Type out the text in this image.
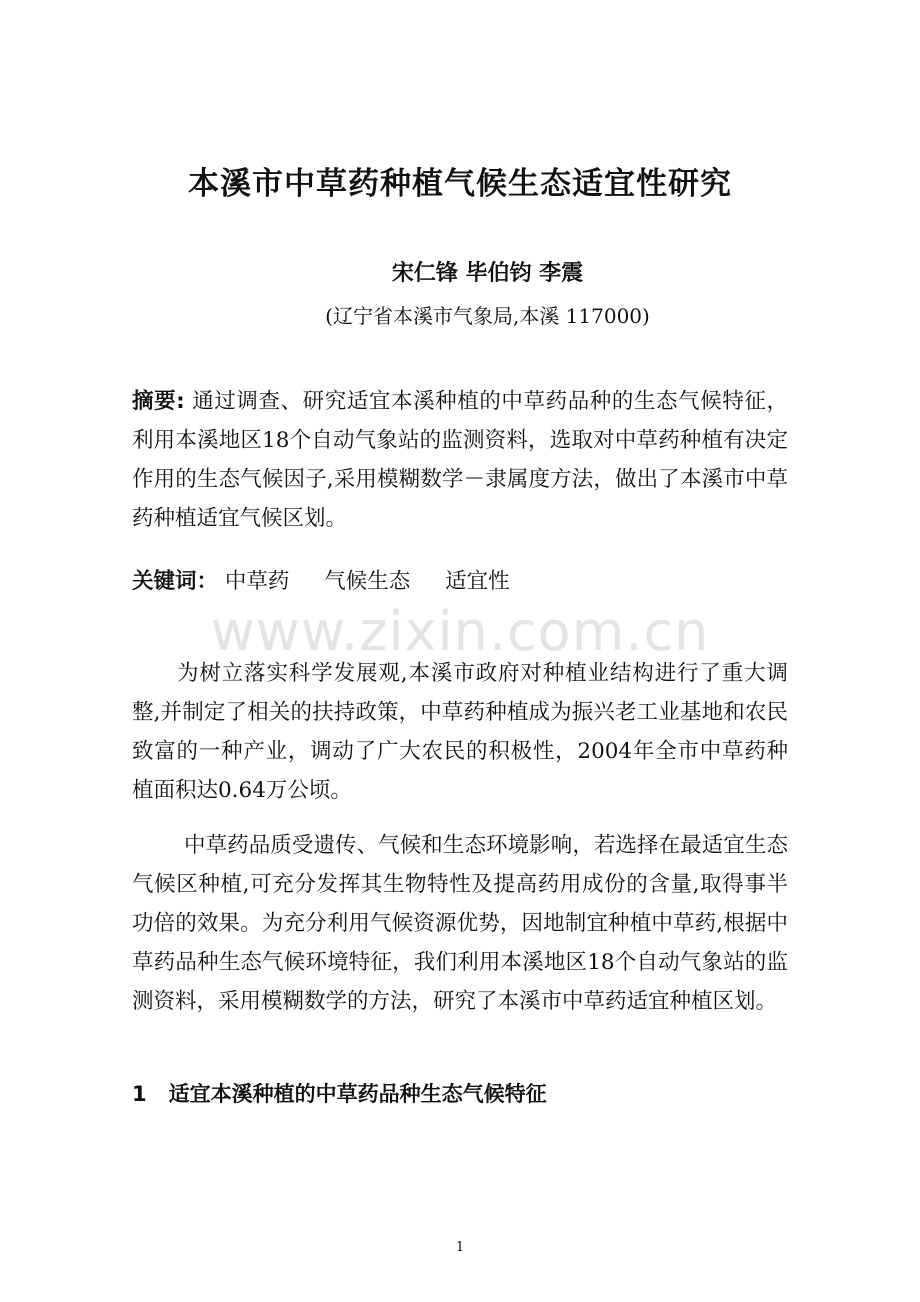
www.zixin.com.cn
本溪市中草药种植气候生态适宜性研究
宋仁锋 毕伯钧 李震
(辽宁省本溪市气象局,本溪 117000)
摘要: 通过调查、研究适宜本溪种植的中草药品种的生态气候特征，利用本溪地区18个自动气象站的监测资料，选取对中草药种植有决定作用的生态气候因子,采用模糊数学－隶属度方法，做出了本溪市中草药种植适宜气候区划。
关键词： 中草药 气候生态 适宜性
为树立落实科学发展观,本溪市政府对种植业结构进行了重大调整,并制定了相关的扶持政策，中草药种植成为振兴老工业基地和农民致富的一种产业，调动了广大农民的积极性，2004年全市中草药种植面积达0.64万公顷。
中草药品质受遗传、气候和生态环境影响，若选择在最适宜生态气候区种植,可充分发挥其生物特性及提高药用成份的含量,取得事半功倍的效果。为充分利用气候资源优势，因地制宜种植中草药,根据中草药品种生态气候环境特征，我们利用本溪地区18个自动气象站的监测资料，采用模糊数学的方法，研究了本溪市中草药适宜种植区划。
1 适宜本溪种植的中草药品种生态气候特征
1
